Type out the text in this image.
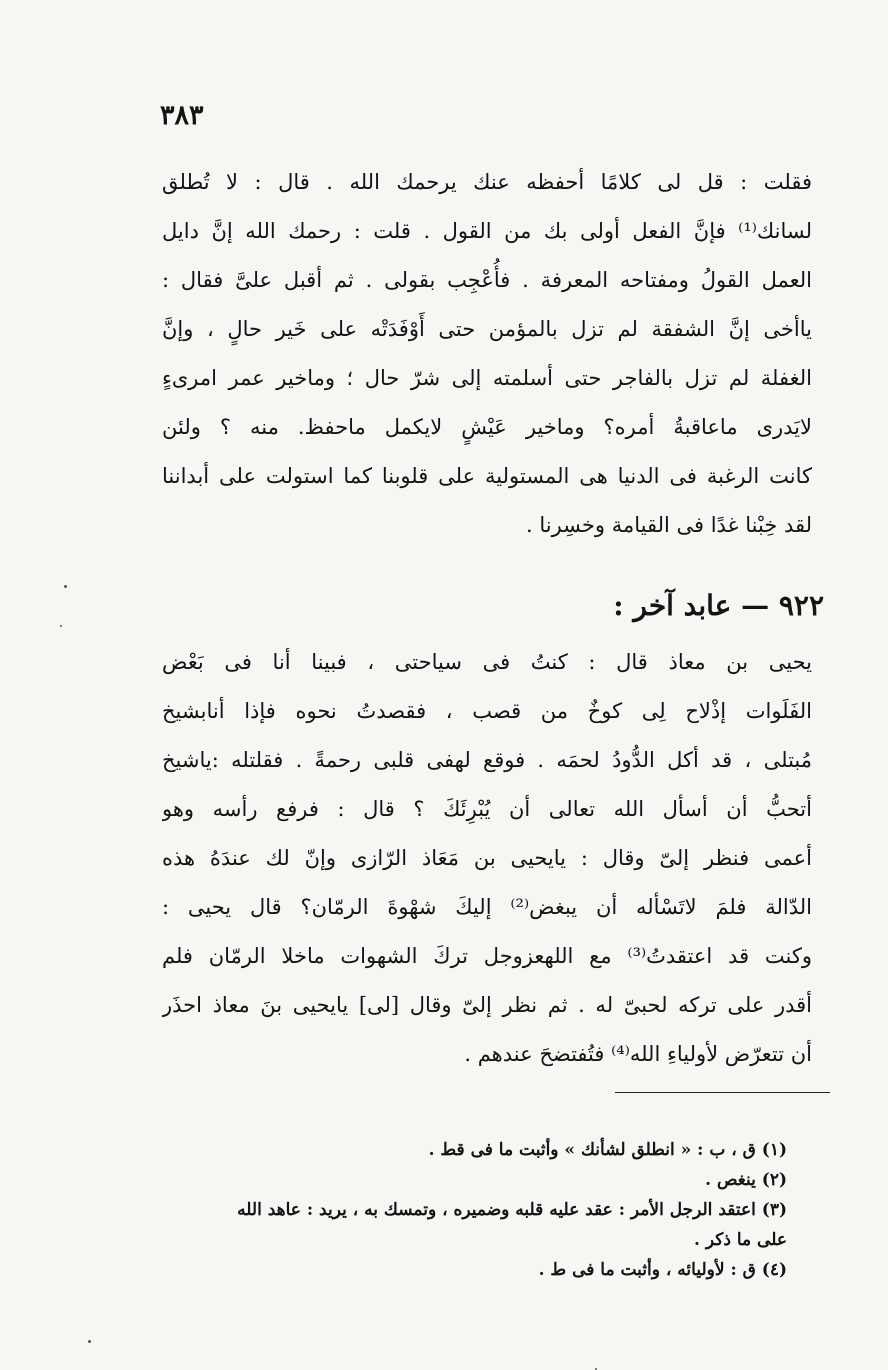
٣٨٣
فقلت : قل لى كلامًا أحفظه عنك يرحمك الله . قال : لا تُطلق
لسانك⁽¹⁾ فإنَّ الفعل أولى بك من القول . قلت : رحمك الله إنَّ دايل
العمل القولُ ومفتاحه المعرفة . فأُعْجِب بقولى . ثم أقبل علىَّ فقال :
ياأخى إنَّ الشفقة لم تزل بالمؤمن حتى أَوْفَدَتْه على خَير حالٍ ، وإنَّ
الغفلة لم تزل بالفاجر حتى أسلمته إلى شرّ حال ؛ وماخير عمر امرىءٍ
لايَدرى ماعاقبةُ أمره؟ وماخير عَيْشٍ لايكمل ماحفظ. منه ؟ ولئن
كانت الرغبة فى الدنيا هى المستولية على قلوبنا كما استولت على أبداننا
لقد خِبْنا غدًا فى القيامة وخسِرنا .
٩٢٢ — عابد آخر :
يحيى بن معاذ قال : كنتُ فى سياحتى ، فبينا أنا فى بَعْض
الفَلَوات إذْلاح لِى كوخٌ من قصب ، فقصدتُ نحوه فإذا أنابشيخ
مُبتلى ، قد أكل الدُّودُ لحمَه . فوقع لهفى قلبى رحمةً . فقلتله :ياشيخ
أتحبُّ أن أسأل الله تعالى أن يُبْرِئَكَ ؟ قال : فرفع رأسه وهو
أعمى فنظر إلىّ وقال : يايحيى بن مَعَاذ الرّازى وإنّ لك عندَهُ هذه
الدّالة فلمَ لاتَسْأله أن يبغض⁽²⁾ إليكَ شهْوةَ الرمّان؟ قال يحيى :
وكنت قد اعتقدتُ⁽³⁾ مع اللهعزوجل تركَ الشهوات ماخلا الرمّان فلم
أقدر على تركه لحبىّ له . ثم نظر إلىّ وقال [لى] يايحيى بنَ معاذ احذَر
أن تتعرّض لأولياءِ الله⁽⁴⁾ فتُفتضحَ عندهم .
(١) ق ، ب : « انطلق لشأنك » وأثبت ما فى قط .
(٢) ينغص .
(٣) اعتقد الرجل الأمر : عقد عليه قلبه وضميره ، وتمسك به ، يريد : عاهد الله
على ما ذكر .
(٤) ق : لأوليائه ، وأثبت ما فى ط .
